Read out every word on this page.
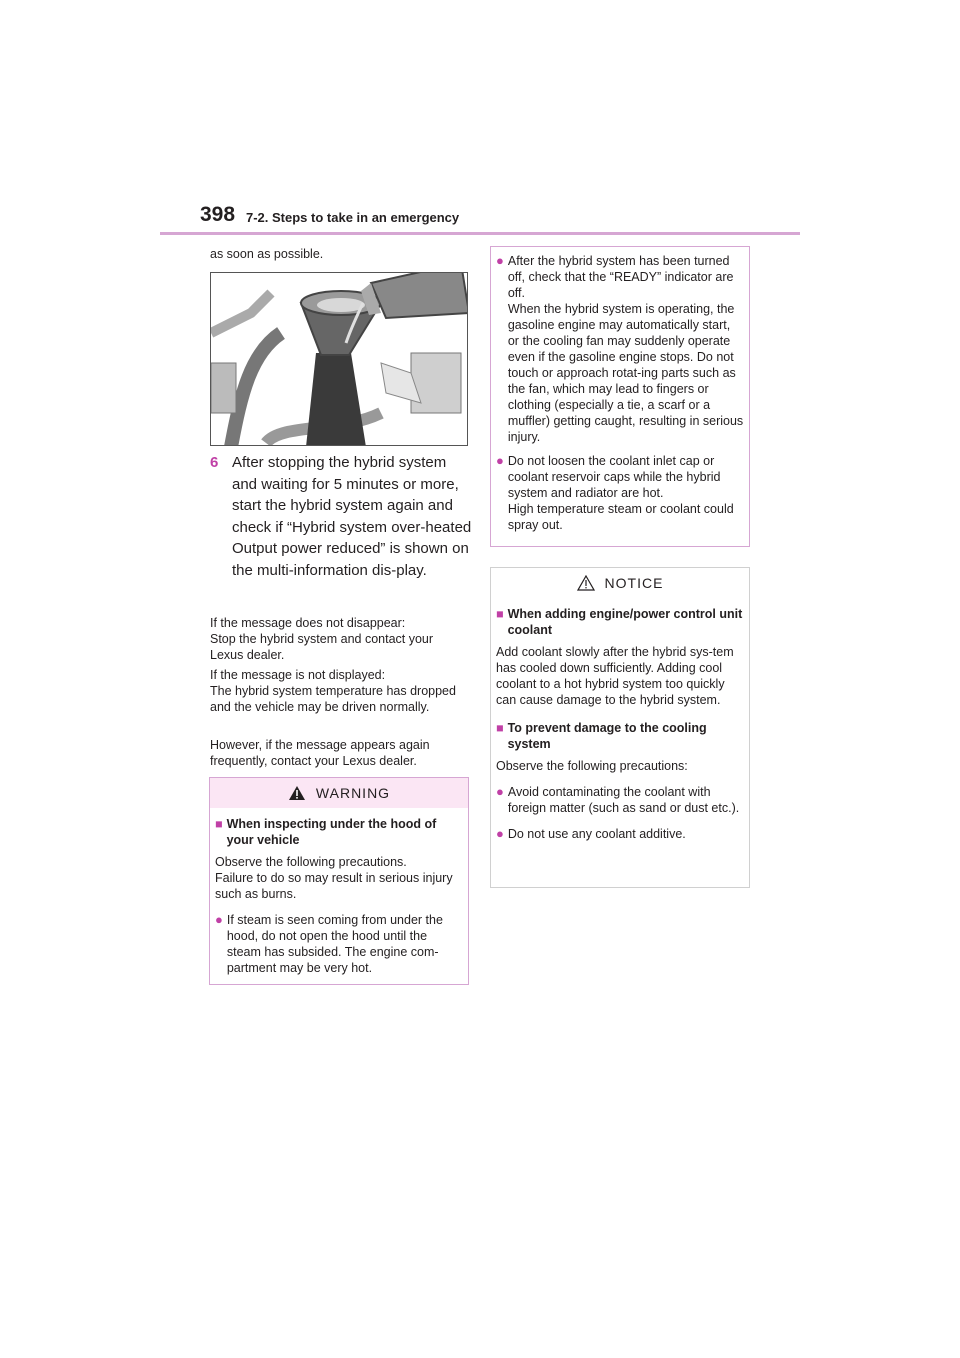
398 7-2. Steps to take in an emergency

as soon as possible.

6 After stopping the hybrid system and waiting for 5 minutes or more, start the hybrid system again and check if “Hybrid system over-heated Output power reduced” is shown on the multi-information dis-play.
If the message does not disappear:
Stop the hybrid system and contact your Lexus dealer.
If the message is not displayed:
The hybrid system temperature has dropped and the vehicle may be driven normally.
However, if the message appears again frequently, contact your Lexus dealer.
WARNING
■ When inspecting under the hood of your vehicle

Observe the following precautions.
Failure to do so may result in serious injury such as burns.

● If steam is seen coming from under the hood, do not open the hood until the steam has subsided. The engine com-partment may be very hot.
● After the hybrid system has been turned off, check that the “READY” indicator are off.
When the hybrid system is operating, the gasoline engine may automatically start, or the cooling fan may suddenly operate even if the gasoline engine stops. Do not touch or approach rotat-ing parts such as the fan, which may lead to fingers or clothing (especially a tie, a scarf or a muffler) getting caught, resulting in serious injury.
● Do not loosen the coolant inlet cap or coolant reservoir caps while the hybrid system and radiator are hot.
High temperature steam or coolant could spray out.
NOTICE
■ When adding engine/power control unit coolant

Add coolant slowly after the hybrid sys-tem has cooled down sufficiently. Adding cool coolant to a hot hybrid system too quickly can cause damage to the hybrid system.

■ To prevent damage to the cooling system

Observe the following precautions:

● Avoid contaminating the coolant with foreign matter (such as sand or dust etc.).
● Do not use any coolant additive.
